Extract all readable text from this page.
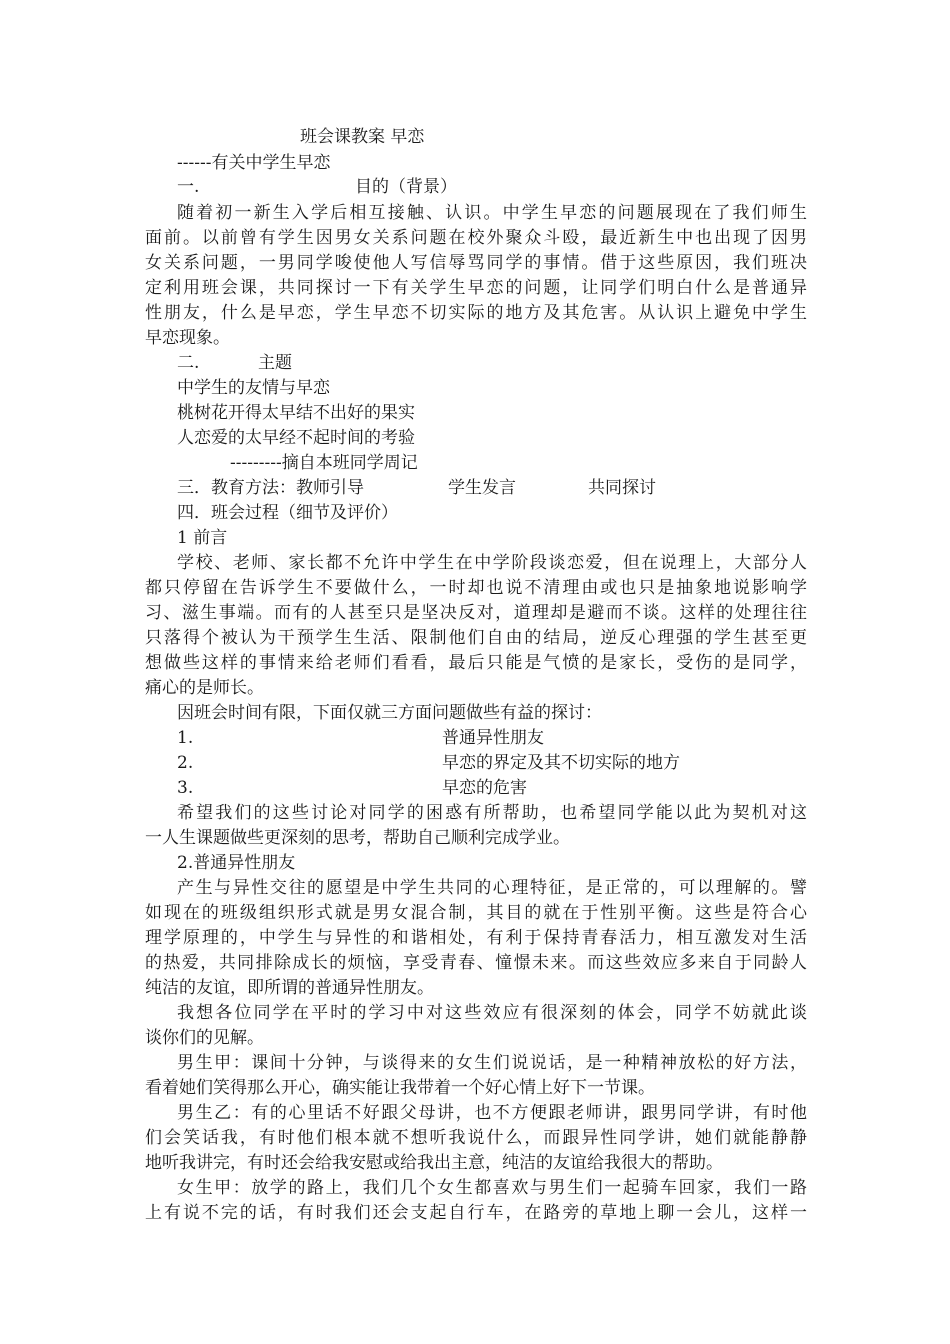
班会课教案 早恋
------有关中学生早恋
一.	目的（背景）
随着初一新生入学后相互接触、认识。中学生早恋的问题展现在了我们师生
面前。以前曾有学生因男女关系问题在校外聚众斗殴，最近新生中也出现了因男
女关系问题，一男同学唆使他人写信辱骂同学的事情。借于这些原因，我们班决
定利用班会课，共同探讨一下有关学生早恋的问题，让同学们明白什么是普通异
性朋友，什么是早恋，学生早恋不切实际的地方及其危害。从认识上避免中学生
早恋现象。
二.	主题
中学生的友情与早恋
桃树花开得太早结不出好的果实
人恋爱的太早经不起时间的考验
---------摘自本班同学周记
三．教育方法：教师引导	学生发言	共同探讨
四．班会过程（细节及评价）
1 前言
学校、老师、家长都不允许中学生在中学阶段谈恋爱，但在说理上，大部分人
都只停留在告诉学生不要做什么，一时却也说不清理由或也只是抽象地说影响学
习、滋生事端。而有的人甚至只是坚决反对，道理却是避而不谈。这样的处理往往
只落得个被认为干预学生生活、限制他们自由的结局，逆反心理强的学生甚至更
想做些这样的事情来给老师们看看，最后只能是气愤的是家长，受伤的是同学，
痛心的是师长。
因班会时间有限，下面仅就三方面问题做些有益的探讨：
1.	普通异性朋友
2.	早恋的界定及其不切实际的地方
3.	早恋的危害
希望我们的这些讨论对同学的困惑有所帮助，也希望同学能以此为契机对这
一人生课题做些更深刻的思考，帮助自己顺利完成学业。
2.普通异性朋友
产生与异性交往的愿望是中学生共同的心理特征，是正常的，可以理解的。譬
如现在的班级组织形式就是男女混合制，其目的就在于性别平衡。这些是符合心
理学原理的，中学生与异性的和谐相处，有利于保持青春活力，相互激发对生活
的热爱，共同排除成长的烦恼，享受青春、憧憬未来。而这些效应多来自于同龄人
纯洁的友谊，即所谓的普通异性朋友。
我想各位同学在平时的学习中对这些效应有很深刻的体会，同学不妨就此谈
谈你们的见解。
男生甲：课间十分钟，与谈得来的女生们说说话，是一种精神放松的好方法，
看着她们笑得那么开心，确实能让我带着一个好心情上好下一节课。
男生乙：有的心里话不好跟父母讲，也不方便跟老师讲，跟男同学讲，有时他
们会笑话我，有时他们根本就不想听我说什么，而跟异性同学讲，她们就能静静
地听我讲完，有时还会给我安慰或给我出主意，纯洁的友谊给我很大的帮助。
女生甲：放学的路上，我们几个女生都喜欢与男生们一起骑车回家，我们一路
上有说不完的话，有时我们还会支起自行车，在路旁的草地上聊一会儿，这样一
